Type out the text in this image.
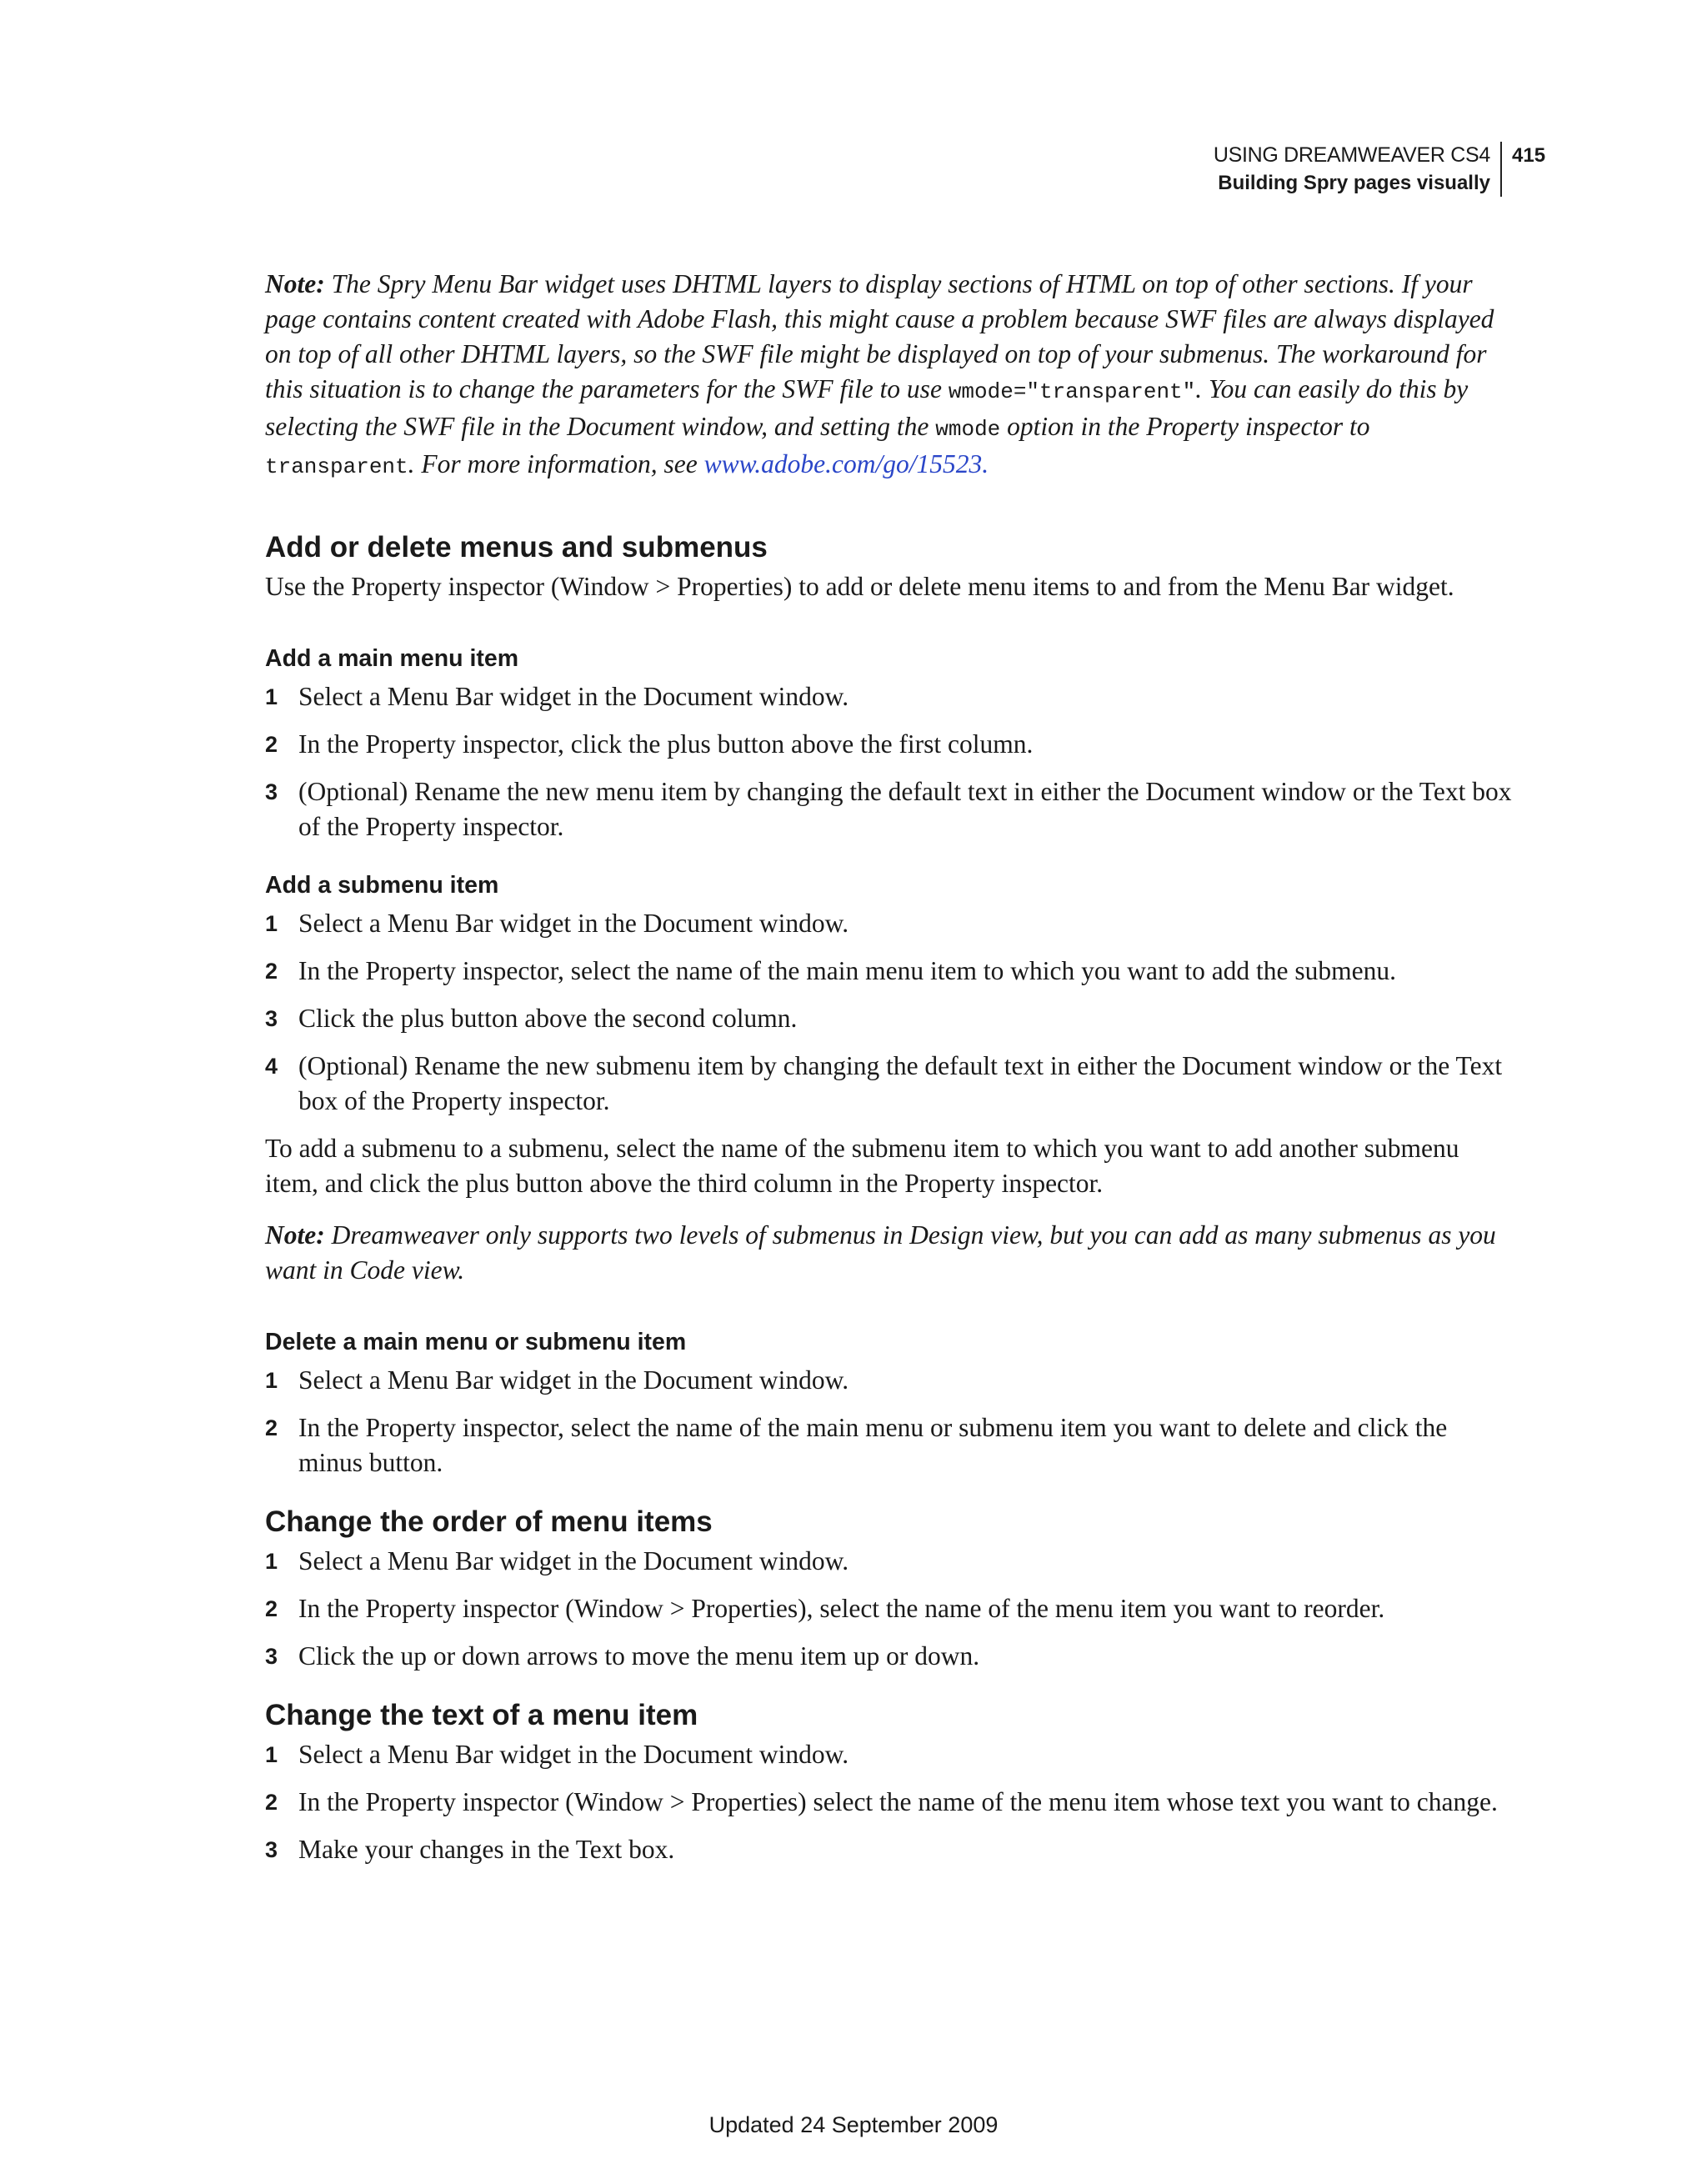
USING DREAMWEAVER CS4
Building Spry pages visually
415

Note: The Spry Menu Bar widget uses DHTML layers to display sections of HTML on top of other sections. If your page contains content created with Adobe Flash, this might cause a problem because SWF files are always displayed on top of all other DHTML layers, so the SWF file might be displayed on top of your submenus. The workaround for this situation is to change the parameters for the SWF file to use wmode="transparent". You can easily do this by selecting the SWF file in the Document window, and setting the wmode option in the Property inspector to transparent. For more information, see www.adobe.com/go/15523.

Add or delete menus and submenus

Use the Property inspector (Window > Properties) to add or delete menu items to and from the Menu Bar widget.

Add a main menu item
1 Select a Menu Bar widget in the Document window.
2 In the Property inspector, click the plus button above the first column.
3 (Optional) Rename the new menu item by changing the default text in either the Document window or the Text box of the Property inspector.
Add a submenu item
1 Select a Menu Bar widget in the Document window.
2 In the Property inspector, select the name of the main menu item to which you want to add the submenu.
3 Click the plus button above the second column.
4 (Optional) Rename the new submenu item by changing the default text in either the Document window or the Text box of the Property inspector.

To add a submenu to a submenu, select the name of the submenu item to which you want to add another submenu item, and click the plus button above the third column in the Property inspector.

Note: Dreamweaver only supports two levels of submenus in Design view, but you can add as many submenus as you want in Code view.

Delete a main menu or submenu item
1 Select a Menu Bar widget in the Document window.
2 In the Property inspector, select the name of the main menu or submenu item you want to delete and click the minus button.
Change the order of menu items
1 Select a Menu Bar widget in the Document window.
2 In the Property inspector (Window > Properties), select the name of the menu item you want to reorder.
3 Click the up or down arrows to move the menu item up or down.
Change the text of a menu item
1 Select a Menu Bar widget in the Document window.
2 In the Property inspector (Window > Properties) select the name of the menu item whose text you want to change.
3 Make your changes in the Text box.
Updated 24 September 2009
